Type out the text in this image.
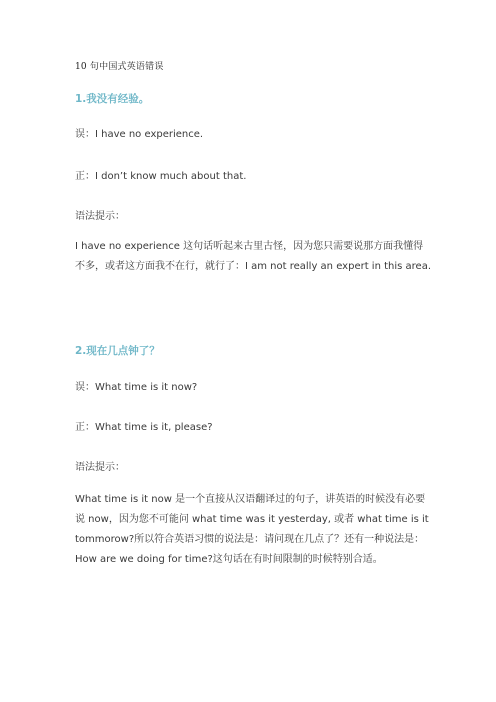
10 句中国式英语错误
1.我没有经验。
误：I have no experience.
正：I don’t know much about that.
语法提示：

I have no experience 这句话听起来古里古怪，因为您只需要说那方面我懂得

不多，或者这方面我不在行，就行了：I am not really an expert in this area.

2.现在几点钟了？
误：What time is it now?
正：What time is it, please?
语法提示：

What time is it now 是一个直接从汉语翻译过的句子，讲英语的时候没有必要

说 now，因为您不可能问 what time was it yesterday, 或者 what time is it

tommorow?所以符合英语习惯的说法是：请问现在几点了？还有一种说法是：

How are we doing for time?这句话在有时间限制的时候特别合适。
